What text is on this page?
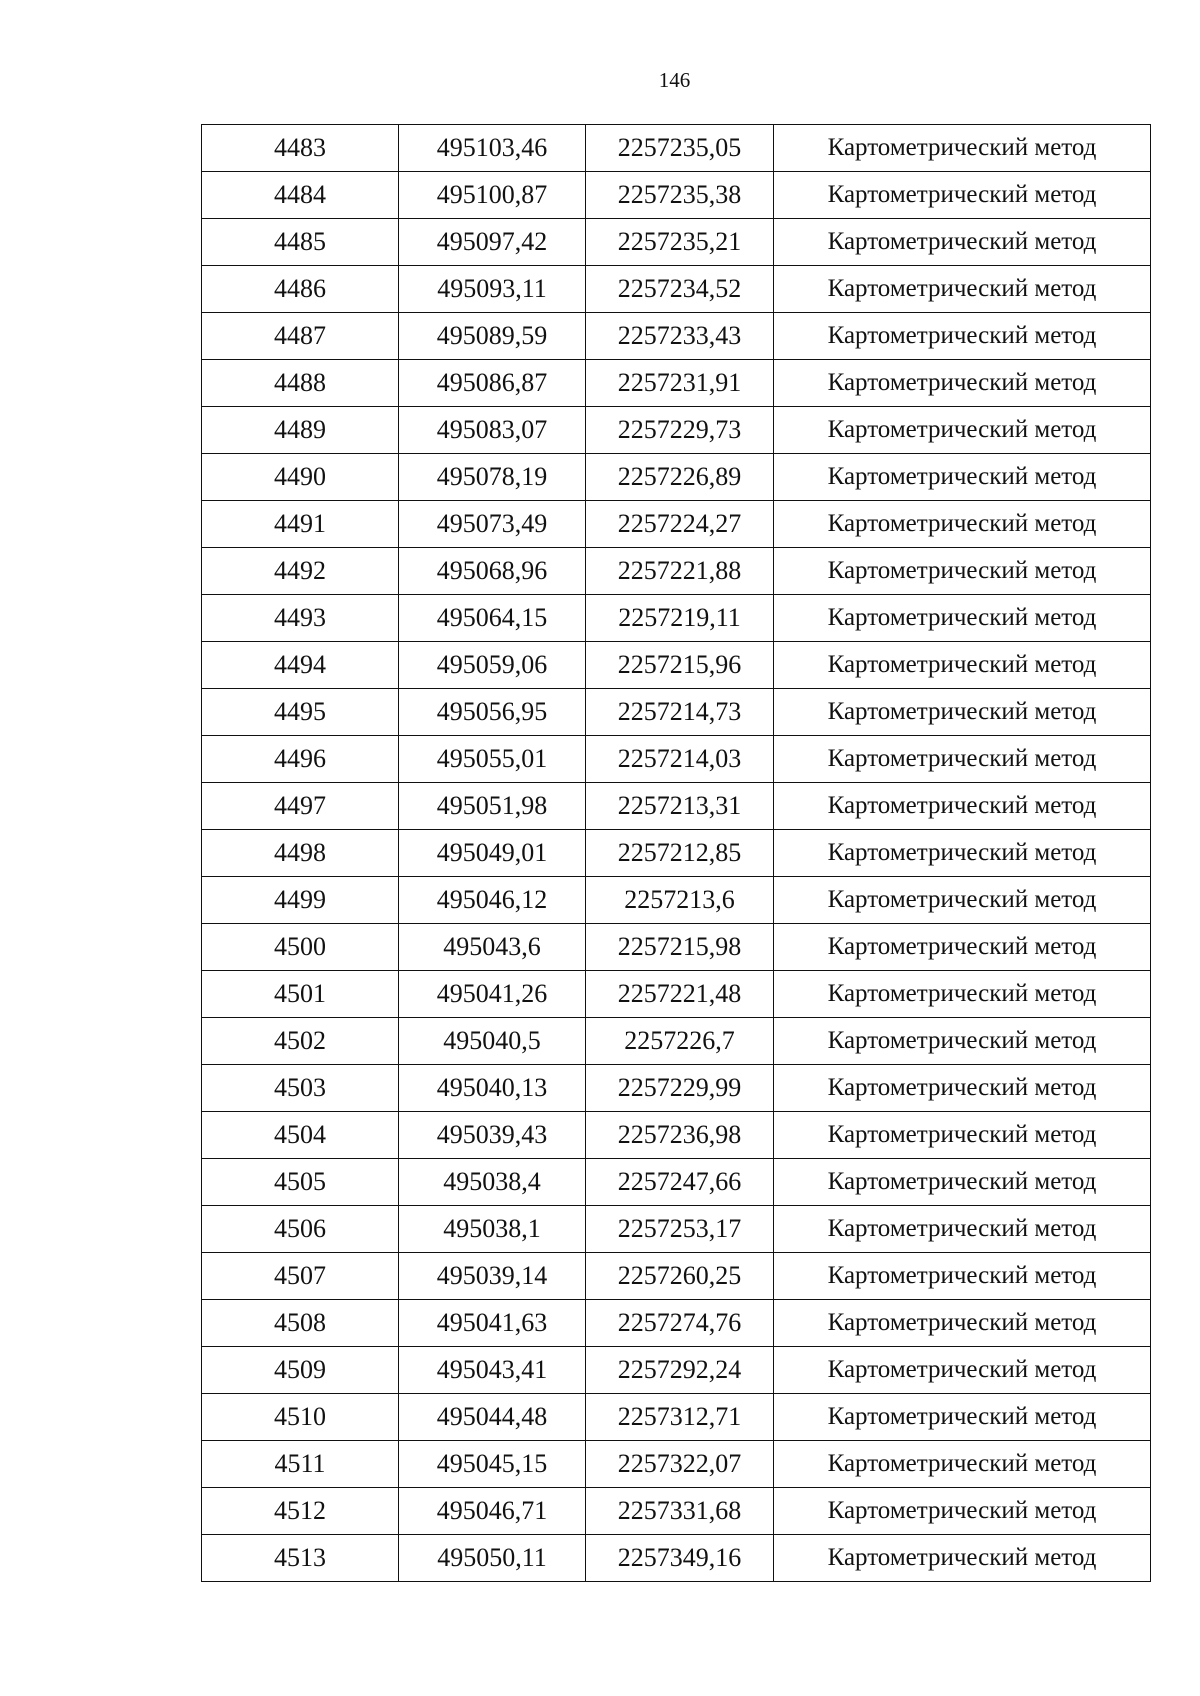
146
4483	495103,46	2257235,05	Картометрический метод
4484	495100,87	2257235,38	Картометрический метод
4485	495097,42	2257235,21	Картометрический метод
4486	495093,11	2257234,52	Картометрический метод
4487	495089,59	2257233,43	Картометрический метод
4488	495086,87	2257231,91	Картометрический метод
4489	495083,07	2257229,73	Картометрический метод
4490	495078,19	2257226,89	Картометрический метод
4491	495073,49	2257224,27	Картометрический метод
4492	495068,96	2257221,88	Картометрический метод
4493	495064,15	2257219,11	Картометрический метод
4494	495059,06	2257215,96	Картометрический метод
4495	495056,95	2257214,73	Картометрический метод
4496	495055,01	2257214,03	Картометрический метод
4497	495051,98	2257213,31	Картометрический метод
4498	495049,01	2257212,85	Картометрический метод
4499	495046,12	2257213,6	Картометрический метод
4500	495043,6	2257215,98	Картометрический метод
4501	495041,26	2257221,48	Картометрический метод
4502	495040,5	2257226,7	Картометрический метод
4503	495040,13	2257229,99	Картометрический метод
4504	495039,43	2257236,98	Картометрический метод
4505	495038,4	2257247,66	Картометрический метод
4506	495038,1	2257253,17	Картометрический метод
4507	495039,14	2257260,25	Картометрический метод
4508	495041,63	2257274,76	Картометрический метод
4509	495043,41	2257292,24	Картометрический метод
4510	495044,48	2257312,71	Картометрический метод
4511	495045,15	2257322,07	Картометрический метод
4512	495046,71	2257331,68	Картометрический метод
4513	495050,11	2257349,16	Картометрический метод
